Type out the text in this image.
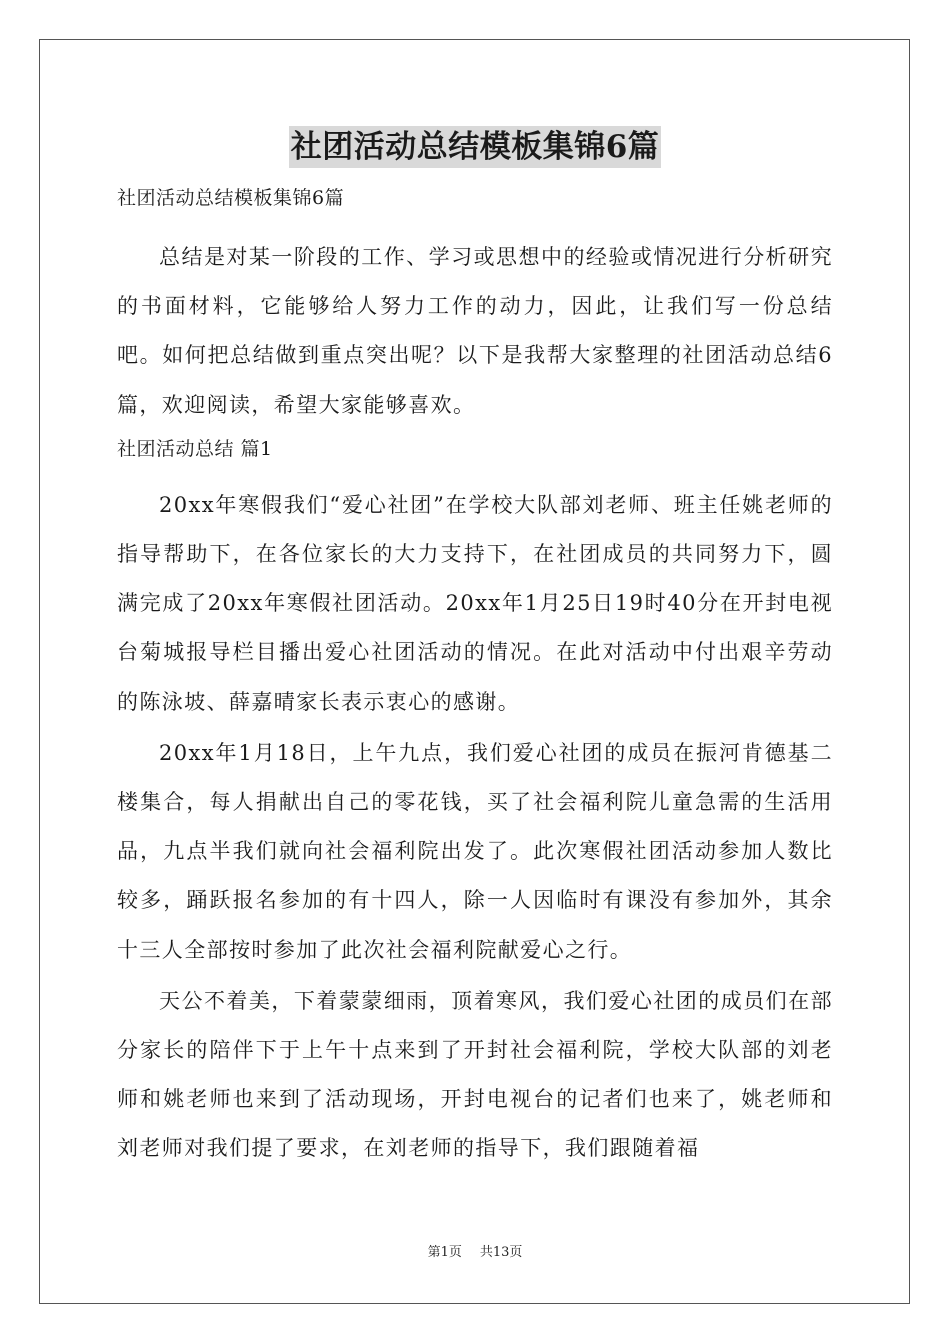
社团活动总结模板集锦6篇

社团活动总结模板集锦6篇

总结是对某一阶段的工作、学习或思想中的经验或情况进行分析研究的书面材料，它能够给人努力工作的动力，因此，让我们写一份总结吧。如何把总结做到重点突出呢？以下是我帮大家整理的社团活动总结6篇，欢迎阅读，希望大家能够喜欢。

社团活动总结 篇1

20xx年寒假我们“爱心社团”在学校大队部刘老师、班主任姚老师的指导帮助下，在各位家长的大力支持下，在社团成员的共同努力下，圆满完成了20xx年寒假社团活动。20xx年1月25日19时40分在开封电视台菊城报导栏目播出爱心社团活动的情况。在此对活动中付出艰辛劳动的陈泳坡、薛嘉晴家长表示衷心的感谢。

20xx年1月18日，上午九点，我们爱心社团的成员在振河肯德基二楼集合，每人捐献出自己的零花钱，买了社会福利院儿童急需的生活用品，九点半我们就向社会福利院出发了。此次寒假社团活动参加人数比较多，踊跃报名参加的有十四人，除一人因临时有课没有参加外，其余十三人全部按时参加了此次社会福利院献爱心之行。

天公不着美，下着蒙蒙细雨，顶着寒风，我们爱心社团的成员们在部分家长的陪伴下于上午十点来到了开封社会福利院，学校大队部的刘老师和姚老师也来到了活动现场，开封电视台的记者们也来了，姚老师和刘老师对我们提了要求，在刘老师的指导下，我们跟随着福

第1页 共13页
